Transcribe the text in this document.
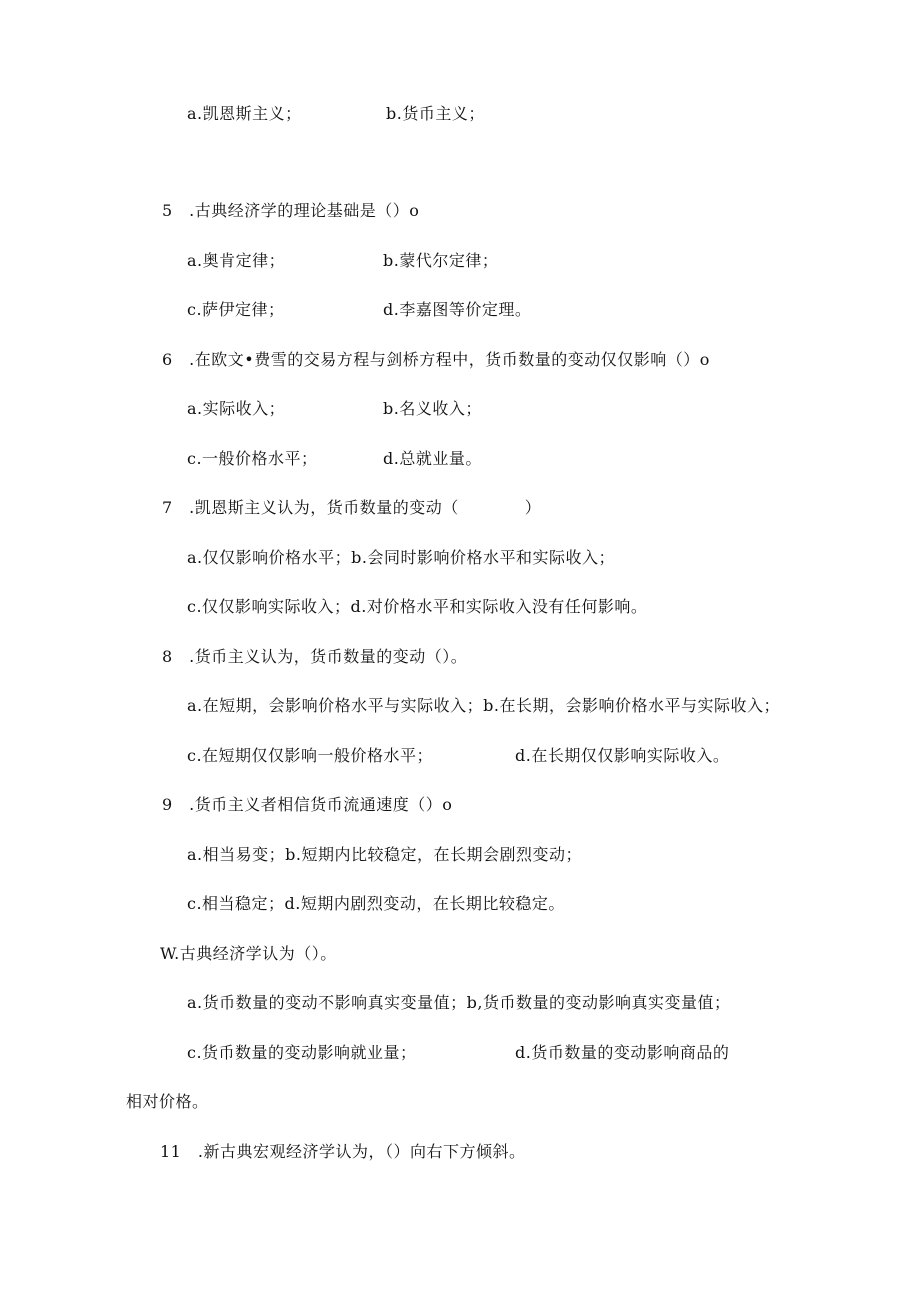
a.凯恩斯主义；	b.货币主义；
5　.古典经济学的理论基础是（）o
a.奥肯定律；	b.蒙代尔定律；
c.萨伊定律；	d.李嘉图等价定理。
6　.在欧文•费雪的交易方程与剑桥方程中，货币数量的变动仅仅影响（）o
a.实际收入；	b.名义收入；
c.一般价格水平；	d.总就业量。
7　.凯恩斯主义认为，货币数量的变动（　　　　）
a.仅仅影响价格水平；b.会同时影响价格水平和实际收入；
c.仅仅影响实际收入；d.对价格水平和实际收入没有任何影响。
8　.货币主义认为，货币数量的变动（）。
a.在短期，会影响价格水平与实际收入；b.在长期，会影响价格水平与实际收入；
c.在短期仅仅影响一般价格水平；	d.在长期仅仅影响实际收入。
9　.货币主义者相信货币流通速度（）o
a.相当易变；b.短期内比较稳定，在长期会剧烈变动；
c.相当稳定；d.短期内剧烈变动，在长期比较稳定。
W.古典经济学认为（）。
a.货币数量的变动不影响真实变量值；b,货币数量的变动影响真实变量值；
c.货币数量的变动影响就业量；	d.货币数量的变动影响商品的
相对价格。
11　.新古典宏观经济学认为，（）向右下方倾斜。
